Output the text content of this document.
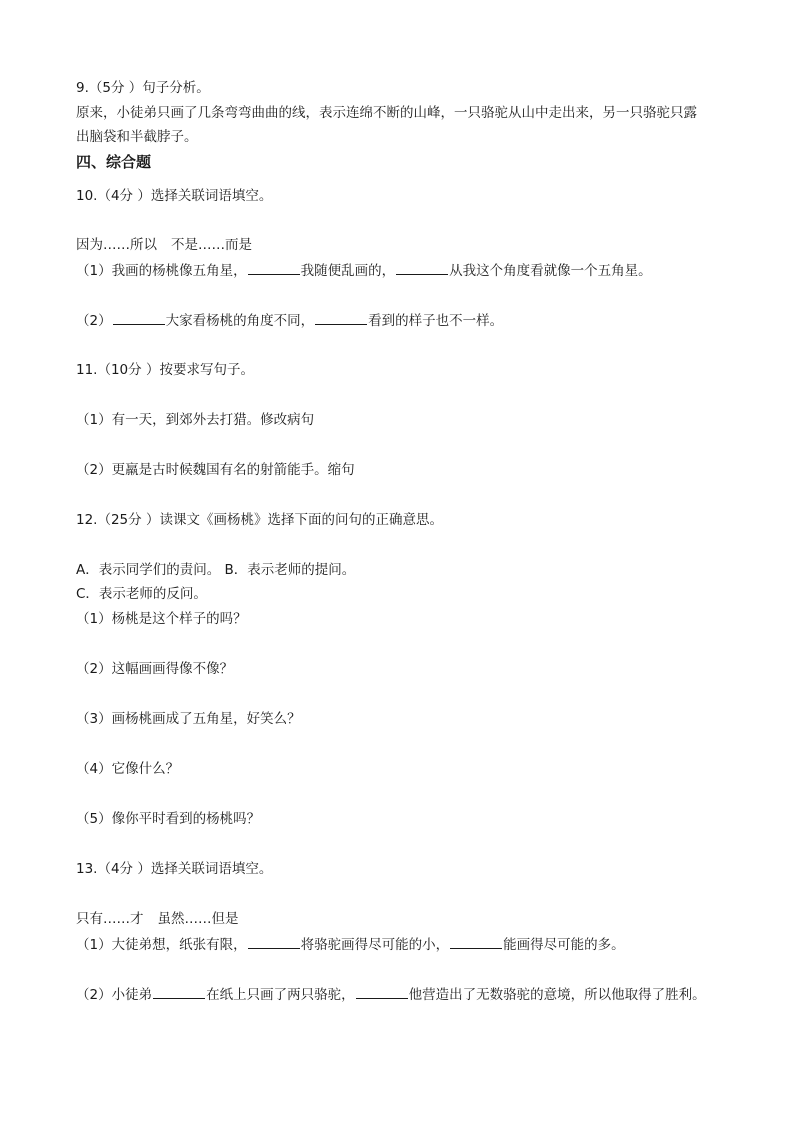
9.（5分 ）句子分析。
原来，小徒弟只画了几条弯弯曲曲的线，表示连绵不断的山峰，一只骆驼从山中走出来，另一只骆驼只露
出脑袋和半截脖子。
四、综合题
10.（4分 ）选择关联词语填空。
因为……所以 不是……而是
（1）我画的杨桃像五角星，	我随便乱画的，	从我这个角度看就像一个五角星。
（2）	大家看杨桃的角度不同，	看到的样子也不一样。
11.（10分 ）按要求写句子。
（1）有一天，到郊外去打猎。修改病句
（2）更羸是古时候魏国有名的射箭能手。缩句
12.（25分 ）读课文《画杨桃》选择下面的问句的正确意思。
A．表示同学们的责问。 B．表示老师的提问。
C．表示老师的反问。
（1）杨桃是这个样子的吗？
（2）这幅画画得像不像？
（3）画杨桃画成了五角星，好笑么？
（4）它像什么？
（5）像你平时看到的杨桃吗？
13.（4分 ）选择关联词语填空。
只有……才 虽然……但是
（1）大徒弟想，纸张有限，	将骆驼画得尽可能的小，	能画得尽可能的多。
（2）小徒弟	在纸上只画了两只骆驼，	他营造出了无数骆驼的意境，所以他取得了胜利。
